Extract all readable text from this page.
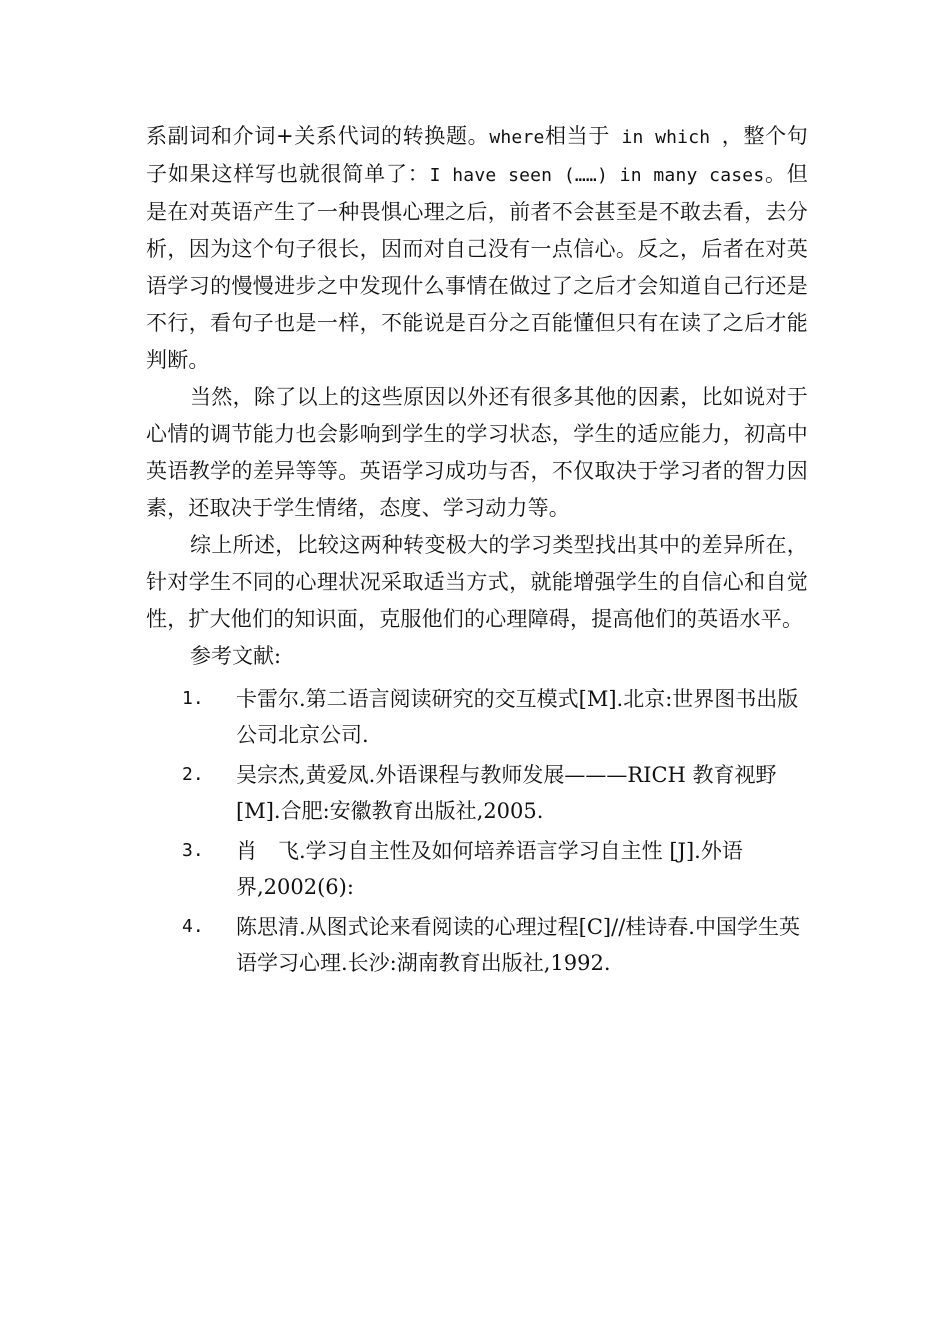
系副词和介词+关系代词的转换题。where相当于 in which ，整个句子如果这样写也就很简单了：I have seen (……) in many cases。但是在对英语产生了一种畏惧心理之后，前者不会甚至是不敢去看，去分析，因为这个句子很长，因而对自己没有一点信心。反之，后者在对英语学习的慢慢进步之中发现什么事情在做过了之后才会知道自己行还是不行，看句子也是一样，不能说是百分之百能懂但只有在读了之后才能判断。

当然，除了以上的这些原因以外还有很多其他的因素，比如说对于心情的调节能力也会影响到学生的学习状态，学生的适应能力，初高中英语教学的差异等等。英语学习成功与否，不仅取决于学习者的智力因素，还取决于学生情绪，态度、学习动力等。

综上所述，比较这两种转变极大的学习类型找出其中的差异所在，针对学生不同的心理状况采取适当方式，就能增强学生的自信心和自觉性，扩大他们的知识面，克服他们的心理障碍，提高他们的英语水平。

参考文献:

1. 卡雷尔.第二语言阅读研究的交互模式[M].北京:世界图书出版公司北京公司.
2. 吴宗杰,黄爱凤.外语课程与教师发展———RICH 教育视野[M].合肥:安徽教育出版社,2005.
3. 肖　飞.学习自主性及如何培养语言学习自主性 [J].外语界,2002(6):
4. 陈思清.从图式论来看阅读的心理过程[C]//桂诗春.中国学生英语学习心理.长沙:湖南教育出版社,1992.
